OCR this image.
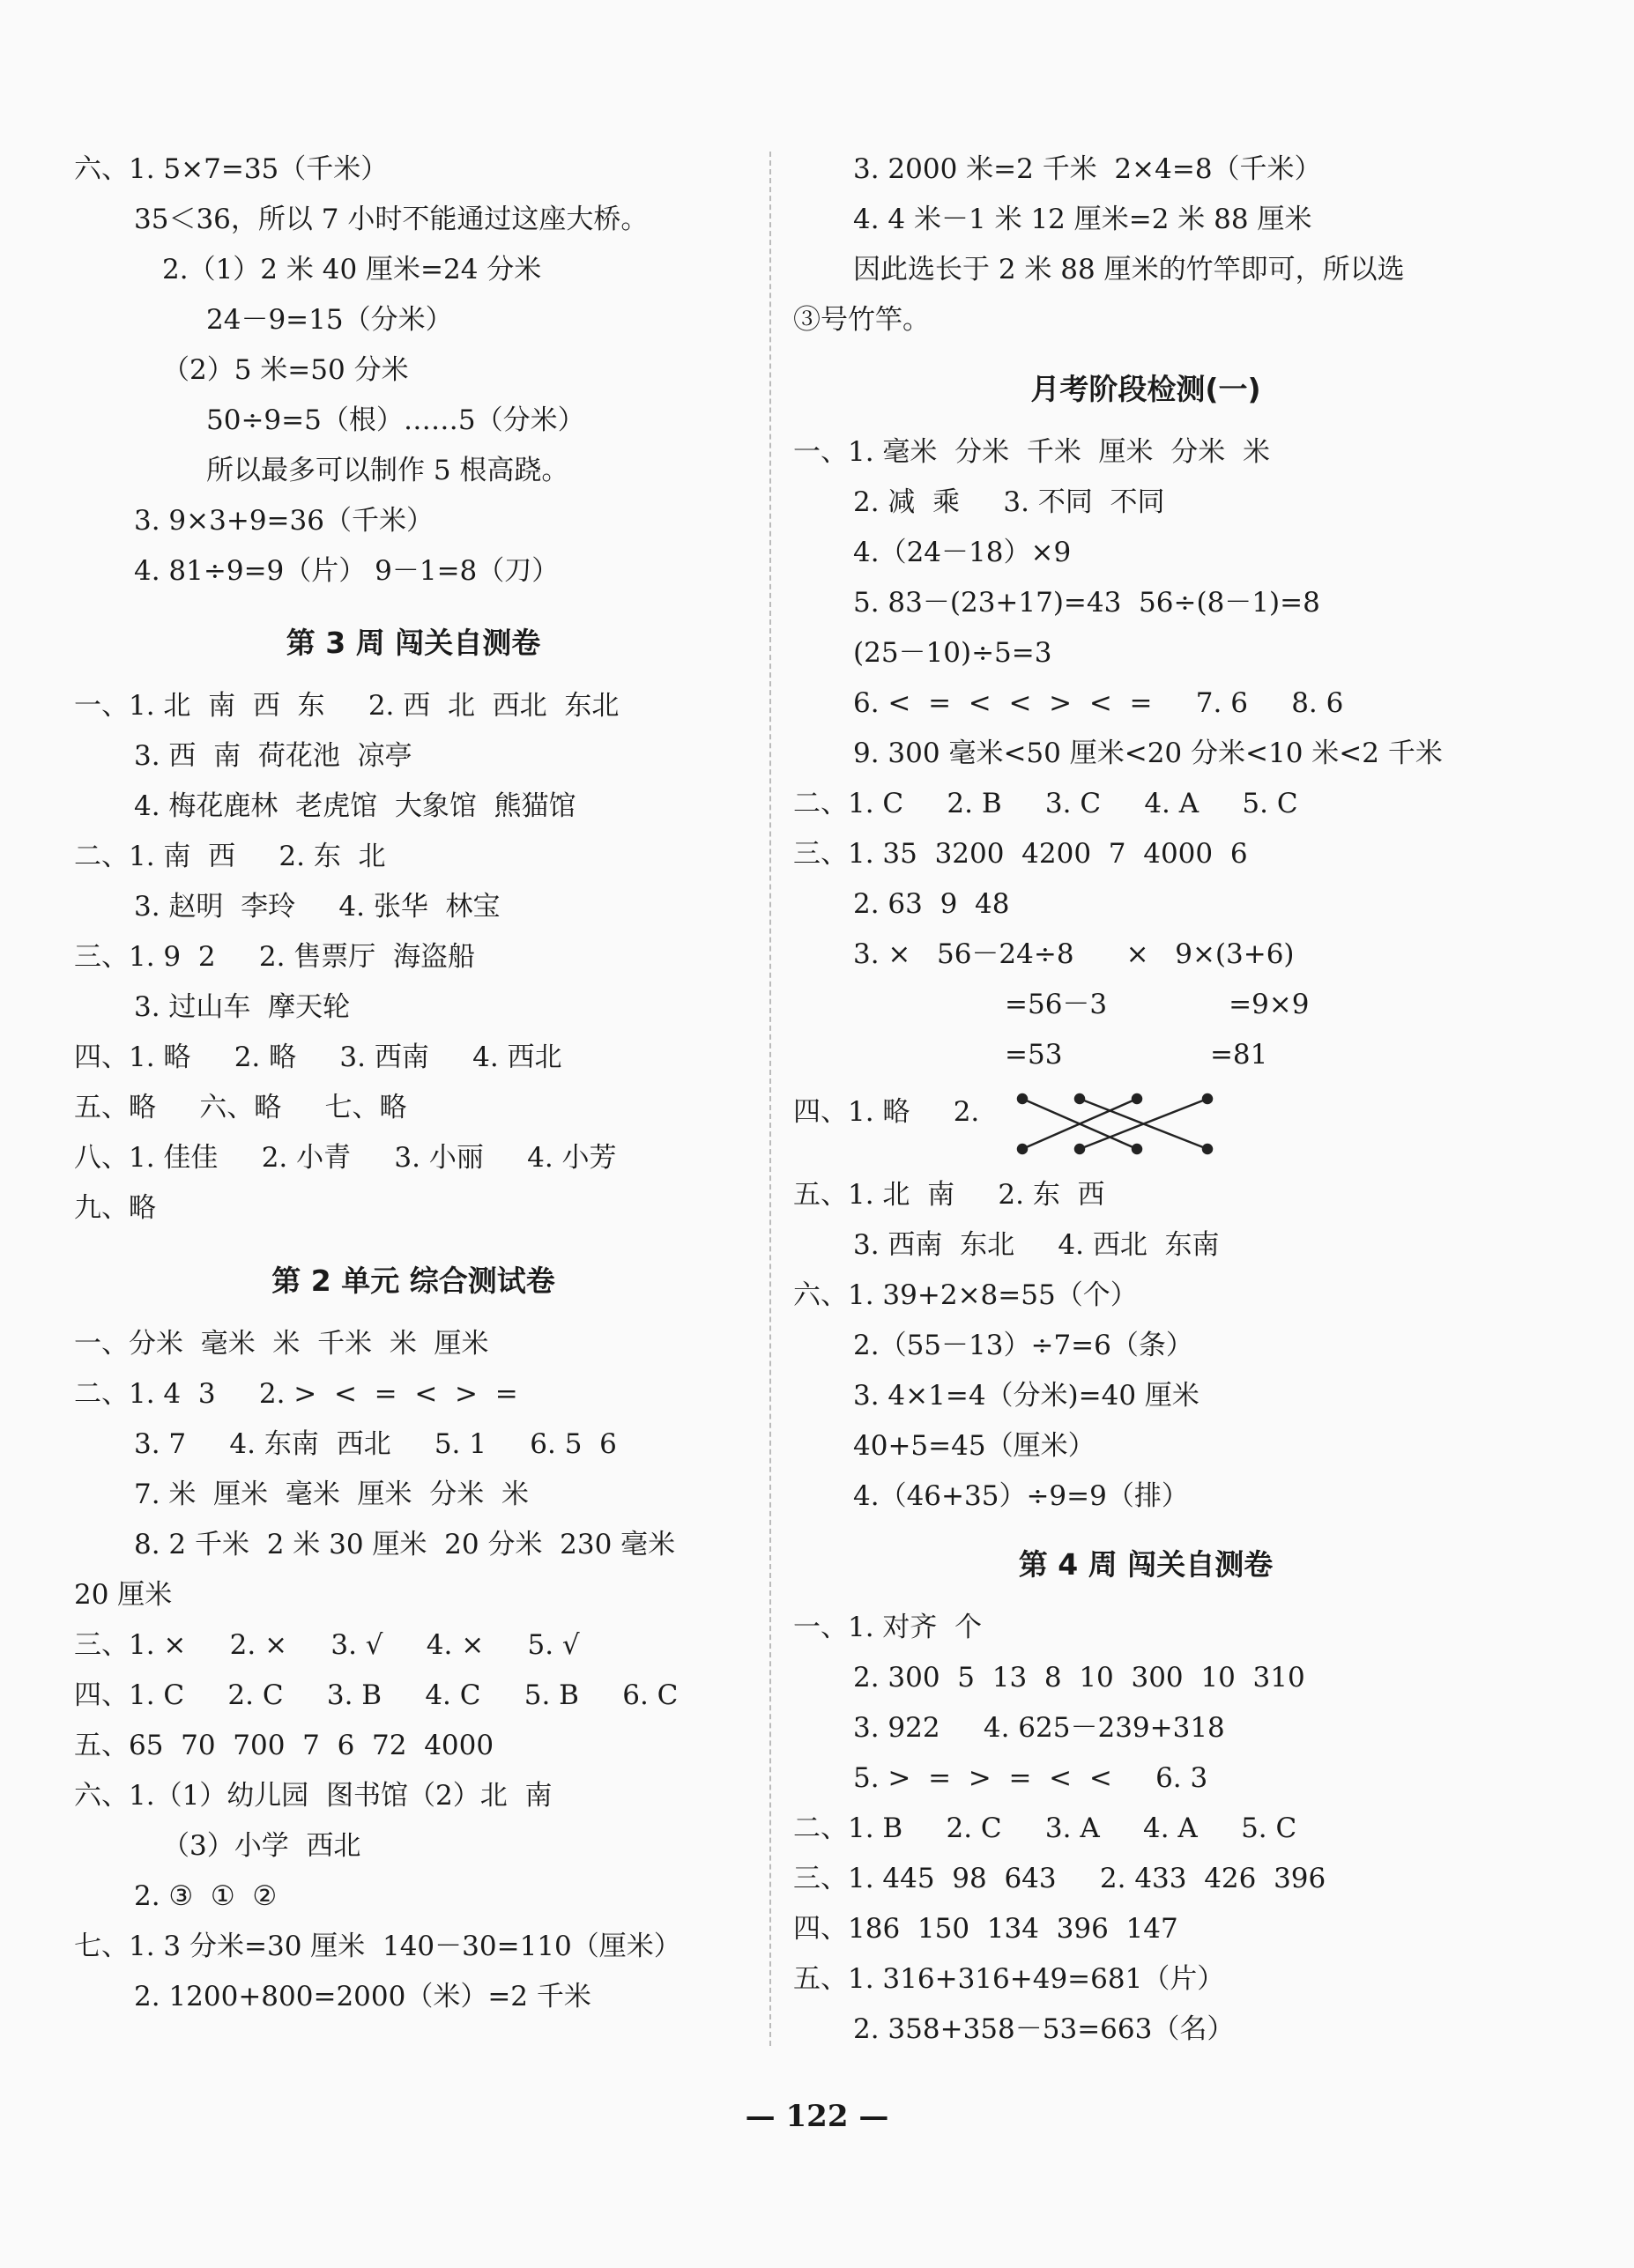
六、1. 5×7=35（千米）
35＜36，所以 7 小时不能通过这座大桥。
2.（1）2 米 40 厘米=24 分米
24－9=15（分米）
（2）5 米=50 分米
50÷9=5（根）……5（分米）
所以最多可以制作 5 根高跷。
3. 9×3+9=36（千米）
4. 81÷9=9（片） 9－1=8（刀）
第 3 周 闯关自测卷
一、1. 北  南  西  东     2. 西  北  西北  东北
3. 西  南  荷花池  凉亭
4. 梅花鹿林  老虎馆  大象馆  熊猫馆
二、1. 南  西     2. 东  北
3. 赵明  李玲     4. 张华  林宝
三、1. 9  2     2. 售票厅  海盗船
3. 过山车  摩天轮
四、1. 略     2. 略     3. 西南     4. 西北
五、略     六、略     七、略
八、1. 佳佳     2. 小青     3. 小丽     4. 小芳
九、略
第 2 单元 综合测试卷
一、分米  毫米  米  千米  米  厘米
二、1. 4  3     2. >  <  =  <  >  =
3. 7     4. 东南  西北     5. 1     6. 5  6
7. 米  厘米  毫米  厘米  分米  米
8. 2 千米  2 米 30 厘米  20 分米  230 毫米
20 厘米
三、1. ×     2. ×     3. √     4. ×     5. √
四、1. C     2. C     3. B     4. C     5. B     6. C
五、65  70  700  7  6  72  4000
六、1.（1）幼儿园  图书馆（2）北  南
（3）小学  西北
2. ③  ①  ②
七、1. 3 分米=30 厘米  140－30=110（厘米）
2. 1200+800=2000（米）=2 千米
3. 2000 米=2 千米  2×4=8（千米）
4. 4 米－1 米 12 厘米=2 米 88 厘米
因此选长于 2 米 88 厘米的竹竿即可，所以选
③号竹竿。
月考阶段检测(一)
一、1. 毫米  分米  千米  厘米  分米  米
2. 减  乘     3. 不同  不同
4.（24－18）×9
5. 83－(23+17)=43  56÷(8－1)=8
(25－10)÷5=3
6. <  =  <  <  >  <  =     7. 6     8. 6
9. 300 毫米<50 厘米<20 分米<10 米<2 千米
二、1. C     2. B     3. C     4. A     5. C
三、1. 35  3200  4200  7  4000  6
2. 63  9  48
3. ×   56－24÷8      ×   9×(3+6)
=56－3              =9×9
=53                 =81
四、1. 略     2.
五、1. 北  南     2. 东  西
3. 西南  东北     4. 西北  东南
六、1. 39+2×8=55（个）
2.（55－13）÷7=6（条）
3. 4×1=4（分米)=40 厘米
40+5=45（厘米）
4.（46+35）÷9=9（排）
第 4 周 闯关自测卷
一、1. 对齐  个
2. 300  5  13  8  10  300  10  310
3. 922     4. 625－239+318
5. >  =  >  =  <  <     6. 3
二、1. B     2. C     3. A     4. A     5. C
三、1. 445  98  643     2. 433  426  396
四、186  150  134  396  147
五、1. 316+316+49=681（片）
2. 358+358－53=663（名）
— 122 —
